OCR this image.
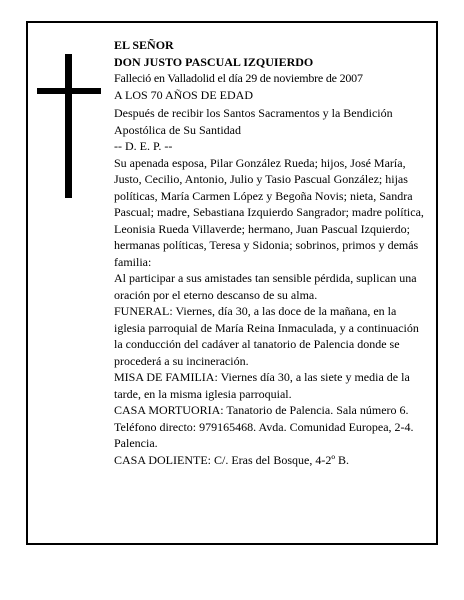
EL SEÑOR

DON JUSTO PASCUAL IZQUIERDO

Falleció en Valladolid el día 29 de noviembre de 2007

A LOS 70 AÑOS DE EDAD

Después de recibir los Santos Sacramentos y la Bendición Apostólica de Su Santidad

-- D. E. P. --

Su apenada esposa, Pilar González Rueda; hijos, José María, Justo, Cecilio, Antonio, Julio y Tasio Pascual González; hijas políticas, María Carmen López y Begoña Novis; nieta, Sandra Pascual; madre, Sebastiana Izquierdo Sangrador; madre política, Leonisia Rueda Villaverde; hermano, Juan Pascual Izquierdo; hermanas políticas, Teresa y Sidonia; sobrinos, primos y demás familia:

Al participar a sus amistades tan sensible pérdida, suplican una oración por el eterno descanso de su alma.

FUNERAL: Viernes, día 30, a las doce de la mañana, en la iglesia parroquial de María Reina Inmaculada, y a continuación la conducción del cadáver al tanatorio de Palencia donde se procederá a su incineración.

MISA DE FAMILIA: Viernes día 30, a las siete y media de la tarde, en la misma iglesia parroquial.

CASA MORTUORIA: Tanatorio de Palencia. Sala número 6. Teléfono directo: 979165468. Avda. Comunidad Europea, 2-4. Palencia.

CASA DOLIENTE: C/. Eras del Bosque, 4-2º B.
